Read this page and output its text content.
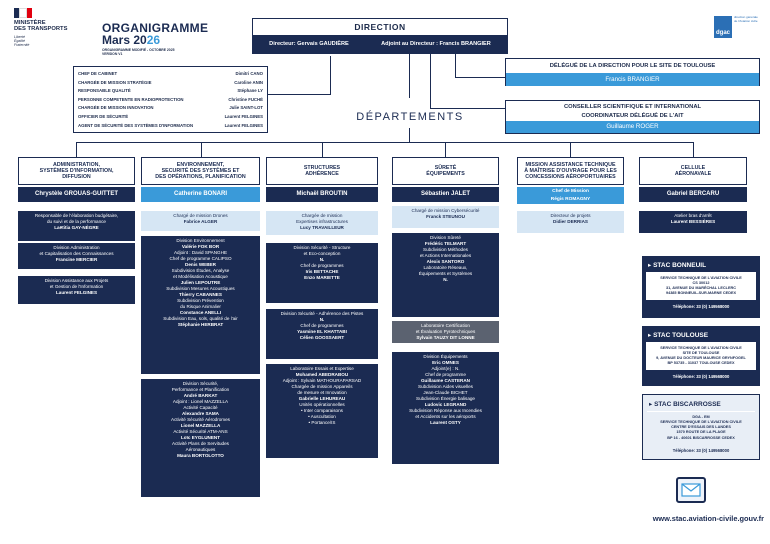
MINISTÈRE
DES TRANSPORTS
Liberté
Égalité
Fraternité
ORGANIGRAMME
Mars 2026
ORGANIGRAMME MODIFIÉ - OCTOBRE 2025
VERSION V1
dgac
direction générale de l'Aviation civile
DIRECTION
Directeur: Gervais GAUDIÈRE	Adjoint au Directeur : Francis BRANGIER
CHEF DE CABINET	Dimitri CANO
CHARGÉE DE MISSION STRATÉGIE	Caroline ANIN
RESPONSABLE QUALITÉ	Stéphane LY
PERSONNE COMPETENTE EN RADIOPROTECTION	Christine FUCHÉ
CHARGÉE DE MISSION INNOVATION	Julie SAINT-LOT
OFFICIER DE SÉCURITÉ	Laurent FELGINES
AGENT DE SÉCURITÉ DES SYSTÈMES D'INFORMATION	Laurent FELGINES
DÉLÉGUÉ DE LA DIRECTION POUR LE SITE DE TOULOUSE
Francis BRANGIER
CONSEILLER SCIENTIFIQUE ET INTERNATIONAL
COORDINATEUR DÉLÉGUÉ DE L'AIT
Guillaume ROGER
DÉPARTEMENTS
ADMINISTRATION,
SYSTÈMES D'INFORMATION,
DIFFUSION
Chrystèle GROUAS-GUITTET
Responsable de l'élaboration budgétaire,
du suivi et de la performance
Laëtitia GAY-NÈGRE
Division Administration
et Capitalisation des Connaissances
Francine MERCIER
Division Assistance aux Projets
et Gestion de l'Information
Laurent FELGINES
ENVIRONNEMENT,
SECURITÉ DES SYSTÈMES ET
DES OPÉRATIONS, PLANIFICATION
Catherine BONARI
Chargé de mission Drones
Fabrice ALGER
Division Environnement
Valérie FOK BOR
Adjoint : David SPANGHE
Chef de programme CALIPSO
Denis WEBER
Subdivision Études, Analyse
et Modélisation Acoustique
Julien LEPOUTRE
Subdivision Mesures Acoustiques
Thierry CABANNES
Subdivision Prévention
du Risque Animalier
Constance ANELLI
Subdivision Eau, sols, qualité de l'air
Stéphanie HERBRAT
Division Sécurité,
Performance et Planification
André BARKAT
Adjoint : Lionel MAZZELLA
Activité Capacité
Alexandre SAMA
Activité Sécurité Aérodromes
Lionel MAZZELLA
Activité Sécurité ATM-ANS
Loïc EYGLUNENT
Activité Plans de Servitudes
Aéronautiques
Maura BORTOLOTTO
STRUCTURES
ADHÉRENCE
Michaël BROUTIN
Chargée de mission
Expertises infrastructures
Lucy TRAVAILLEUR
Division Sécurité - Structure
et Eco-conception
N.
Chef de programmes
Iris BETTACHE
Enzo MARIETTE
Division Sécurité - Adhérence des Pistes
N.
Chef de programmes
Yasmine EL KHATTABI
Célien GOOSSAERT
Laboratoire Essais et Expertise
Mohamed ABEDRABOU
Adjoint : Sylvain MATHOURAPARSAD
Chargée de mission Appareils
de mesure et Innovation
Gabrielle LEHUREAU
Unités opérationnelles
• Inter comparaisons
• Auscultation
• Portance/IS
SÛRETÉ
ÉQUIPEMENTS
Sébastien JALET
Chargé de mission Cybersécurité
Franck STEUNOU
Division Sûreté
Frédéric TELMART
Subdivision Méthodes
et Actions Internationales
Alexis SANTORO
Laboratoire Réseaux,
Équipements et Systèmes
N.
Laboratoire Certification
et Évaluation Pyrotechniques
Sylvain TAUZY DIT LONNE
Division Équipements
Eric OMNES
Adjoint(e) : N.
Chef de programme
Guillaume CASTERAN
Subdivision Aides visuelles
Jean-Claude BICHET
Subdivision Énergie balisage
Ludovic LEGRAND
Subdivision Réponse aux Incendies
et Accidents sur les aéroports
Laurent OSTY
MISSION ASSISTANCE TECHNIQUE
À MAÎTRISE D'OUVRAGE POUR LES
CONCESSIONS AÉROPORTUAIRES
Chef de Mission
Régis ROMAGNY
Directeur de projets
Didier DERRIAS
CELLULE
AÉRONAVALE
Gabriel BERCARU
Atelier bras d'arrêt
Laurent BESSIÈRES
▸ STAC BONNEUIL
SERVICE TECHNIQUE DE L'AVIATION CIVILE
CS 30012
31, AVENUE DU MARÉCHAL LECLERC
94385 BONNEUIL-SUR-MARNE CEDEX
Téléphone: 33 (0) 149568000
▸ STAC TOULOUSE
SERVICE TECHNIQUE DE L'AVIATION CIVILE
SITE DE TOULOUSE
9, AVENUE DU DOCTEUR MAURICE GRYNFOGEL
BP 53735 - 31037 TOULOUSE CEDEX
Téléphone: 33 (0) 149568000
▸ STAC BISCARROSSE
DGA - EM
SERVICE TECHNIQUE DE L'AVIATION CIVILE
CENTRE D'ESSAIS DES LANDES
1570 ROUTE DE LA PLAGE
BP 16 - 40601 BISCARROSSE CEDEX
Téléphone: 33 (0) 149568000
www.stac.aviation-civile.gouv.fr
